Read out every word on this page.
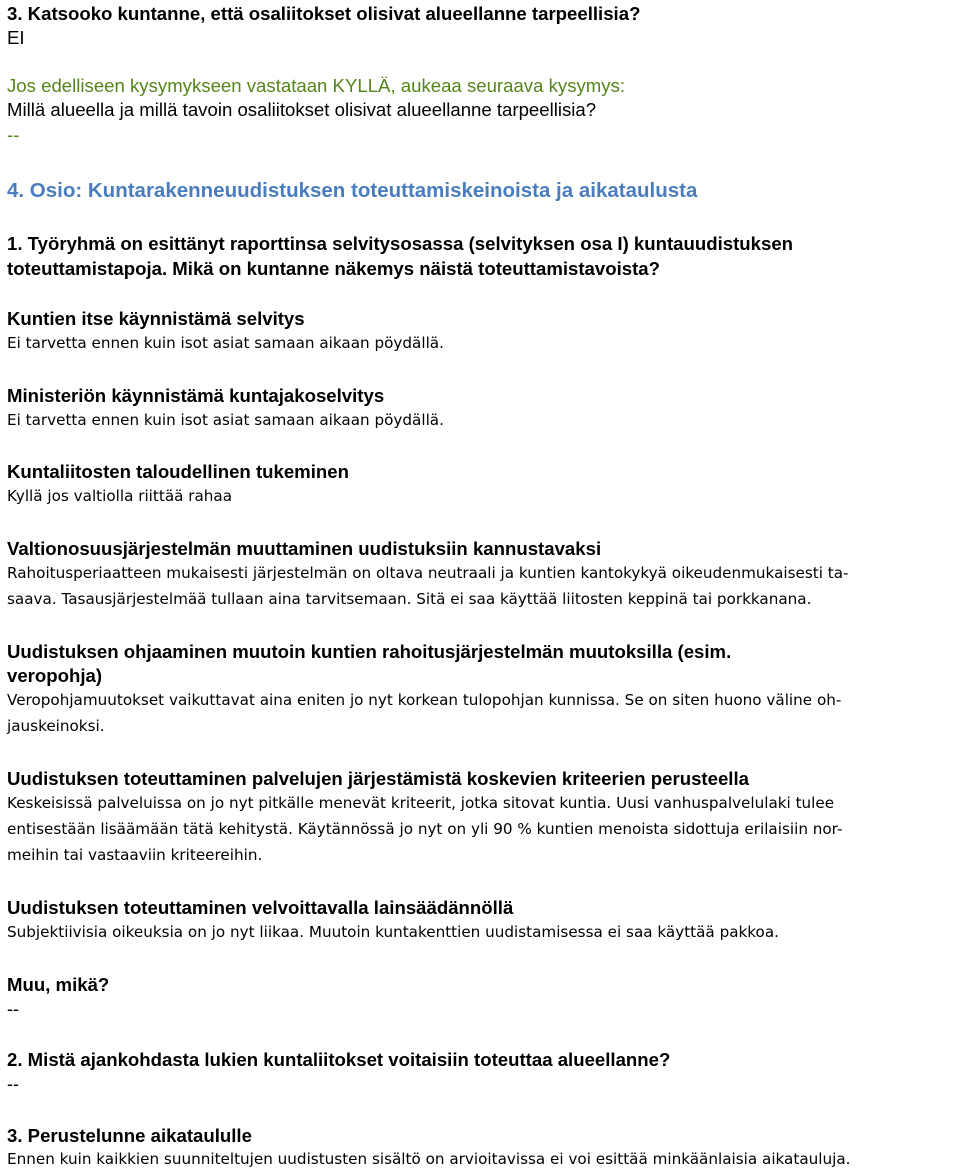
3. Katsooko kuntanne, että osaliitokset olisivat alueellanne tarpeellisia?
EI
Jos edelliseen kysymykseen vastataan KYLLÄ, aukeaa seuraava kysymys:
Millä alueella ja millä tavoin osaliitokset olisivat alueellanne tarpeellisia?
--
4. Osio: Kuntarakenneuudistuksen toteuttamiskeinoista ja aikataulusta
1. Työryhmä on esittänyt raporttinsa selvitysosassa (selvityksen osa I) kuntauudistuksen
toteuttamistapoja. Mikä on kuntanne näkemys näistä toteuttamistavoista?
Kuntien itse käynnistämä selvitys
Ei tarvetta ennen kuin isot asiat samaan aikaan pöydällä.
Ministeriön käynnistämä kuntajakoselvitys
Ei tarvetta ennen kuin isot asiat samaan aikaan pöydällä.
Kuntaliitosten taloudellinen tukeminen
Kyllä jos valtiolla riittää rahaa
Valtionosuusjärjestelmän muuttaminen uudistuksiin kannustavaksi
Rahoitusperiaatteen mukaisesti järjestelmän on oltava neutraali ja kuntien kantokykyä oikeudenmukaisesti ta-
saava. Tasausjärjestelmää tullaan aina tarvitsemaan. Sitä ei saa käyttää liitosten keppinä tai porkkanana.
Uudistuksen ohjaaminen muutoin kuntien rahoitusjärjestelmän muutoksilla (esim.
veropohja)
Veropohjamuutokset vaikuttavat aina eniten jo nyt korkean tulopohjan kunnissa. Se on siten huono väline oh-
jauskeinoksi.
Uudistuksen toteuttaminen palvelujen järjestämistä koskevien kriteerien perusteella
Keskeisissä palveluissa on jo nyt pitkälle menevät kriteerit, jotka sitovat kuntia. Uusi vanhuspalvelulaki tulee
entisestään lisäämään tätä kehitystä. Käytännössä jo nyt on yli 90 % kuntien menoista sidottuja erilaisiin nor-
meihin tai vastaaviin kriteereihin.
Uudistuksen toteuttaminen velvoittavalla lainsäädännöllä
Subjektiivisia oikeuksia on jo nyt liikaa. Muutoin kuntakenttien uudistamisessa ei saa käyttää pakkoa.
Muu, mikä?
--
2. Mistä ajankohdasta lukien kuntaliitokset voitaisiin toteuttaa alueellanne?
--
3. Perustelunne aikataululle
Ennen kuin kaikkien suunniteltujen uudistusten sisältö on arvioitavissa ei voi esittää minkäänlaisia aikatauluja.
